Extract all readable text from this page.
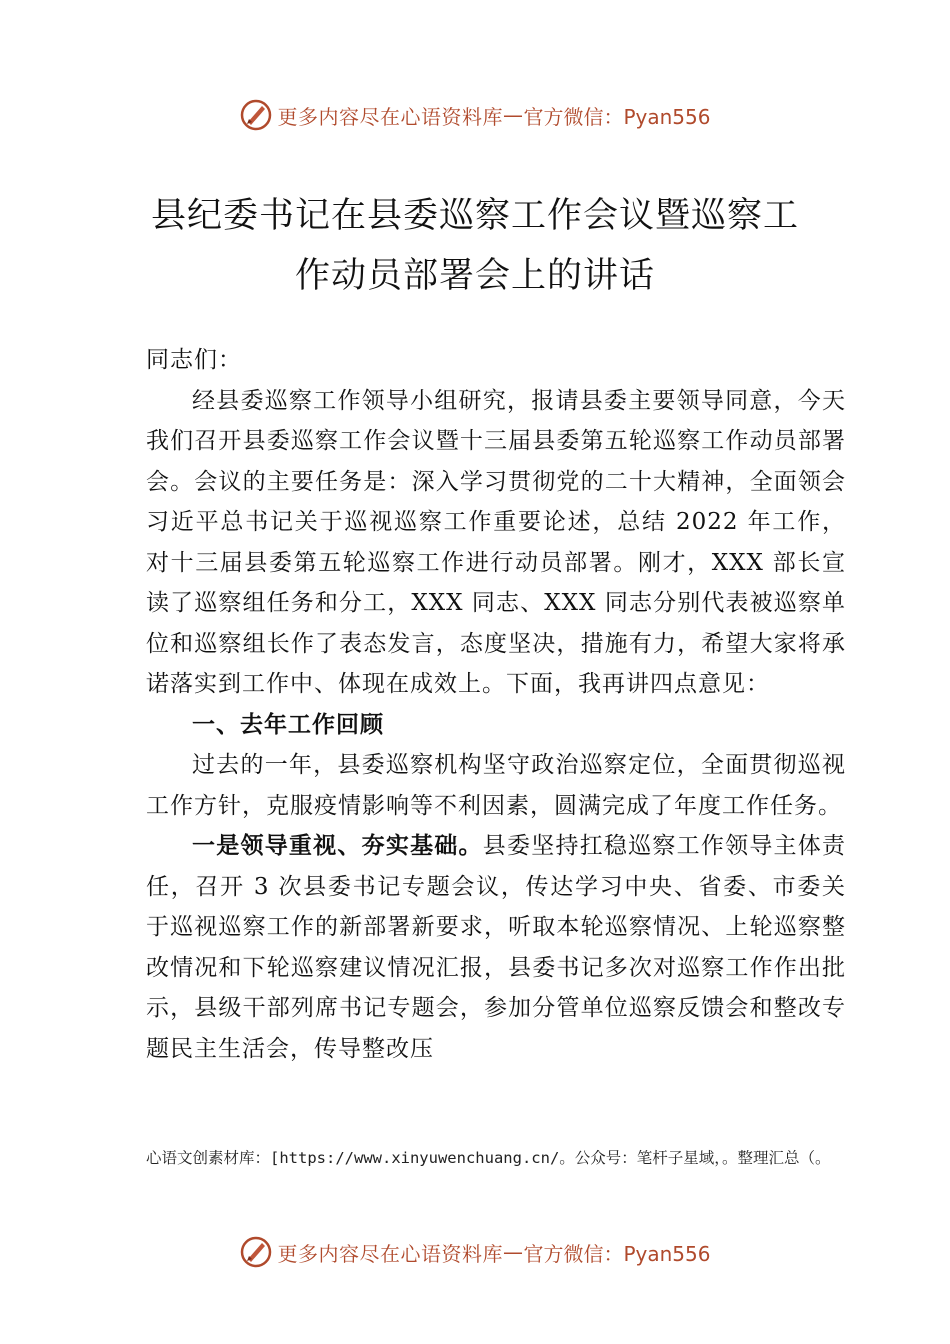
更多内容尽在心语资料库 — 官方微信：Pyan556
县纪委书记在县委巡察工作会议暨巡察工
作动员部署会上的讲话

同志们：

经县委巡察工作领导小组研究，报请县委主要领导同意，今天我们召开县委巡察工作会议暨十三届县委第五轮巡察工作动员部署会。会议的主要任务是：深入学习贯彻党的二十大精神，全面领会习近平总书记关于巡视巡察工作重要论述，总结 2022 年工作，对十三届县委第五轮巡察工作进行动员部署。刚才，XXX 部长宣读了巡察组任务和分工，XXX 同志、XXX 同志分别代表被巡察单位和巡察组长作了表态发言，态度坚决，措施有力，希望大家将承诺落实到工作中、体现在成效上。下面，我再讲四点意见：

一、去年工作回顾

过去的一年，县委巡察机构坚守政治巡察定位，全面贯彻巡视工作方针，克服疫情影响等不利因素，圆满完成了年度工作任务。

一是领导重视、夯实基础。县委坚持扛稳巡察工作领导主体责任，召开 3 次县委书记专题会议，传达学习中央、省委、市委关于巡视巡察工作的新部署新要求，听取本轮巡察情况、上轮巡察整改情况和下轮巡察建议情况汇报，县委书记多次对巡察工作作出批示，县级干部列席书记专题会，参加分管单位巡察反馈会和整改专题民主生活会，传导整改压

心语文创素材库：[https://www.xinyuwenchuang.cn/。公众号：笔杆子星域，。整理汇总（。
更多内容尽在心语资料库 — 官方微信：Pyan556
